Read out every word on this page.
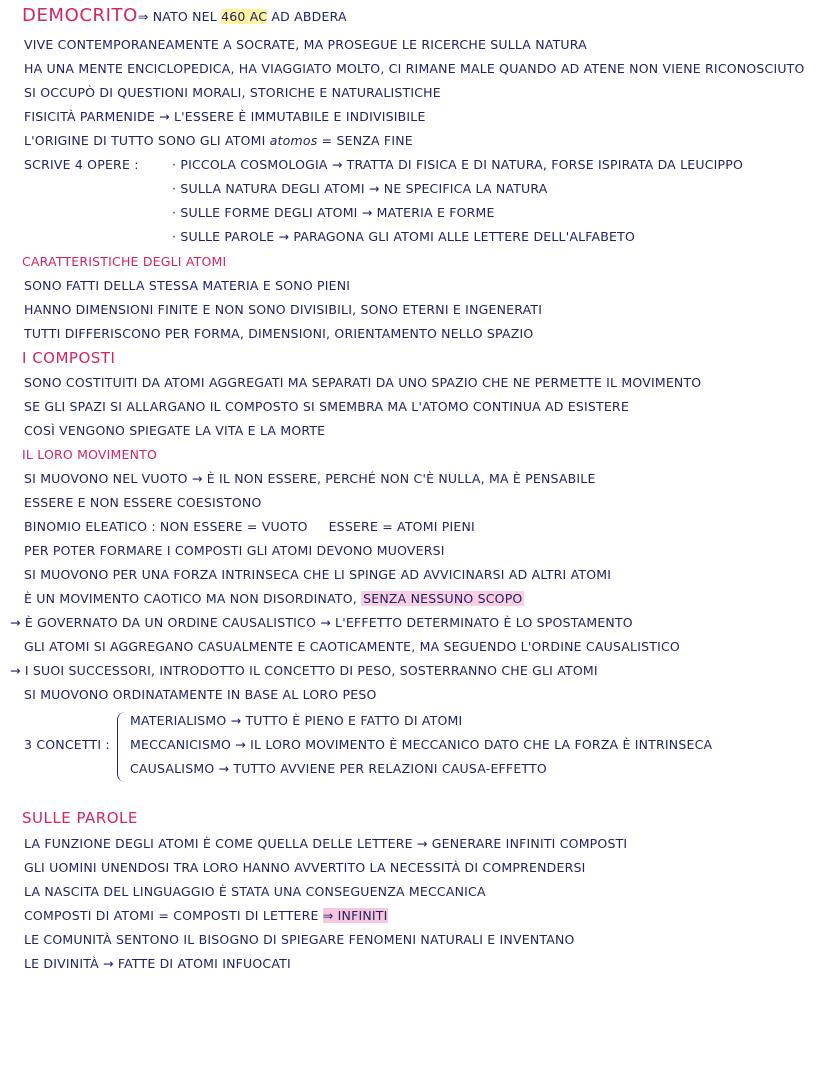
DEMOCRITO⇒ NATO NEL 460 AC AD ABDERA
VIVE CONTEMPORANEAMENTE A SOCRATE, MA PROSEGUE LE RICERCHE SULLA NATURA
HA UNA MENTE ENCICLOPEDICA, HA VIAGGIATO MOLTO, CI RIMANE MALE QUANDO AD ATENE NON VIENE RICONOSCIUTO
SI OCCUPÒ DI QUESTIONI MORALI, STORICHE E NATURALISTICHE
FISICITÀ PARMENIDE → L'ESSERE È IMMUTABILE E INDIVISIBILE
L'ORIGINE DI TUTTO SONO GLI ATOMI atomos = SENZA FINE
SCRIVE 4 OPERE :	· PICCOLA COSMOLOGIA → TRATTA DI FISICA E DI NATURA, FORSE ISPIRATA DA LEUCIPPO
· SULLA NATURA DEGLI ATOMI → NE SPECIFICA LA NATURA
· SULLE FORME DEGLI ATOMI → MATERIA E FORME
· SULLE PAROLE → PARAGONA GLI ATOMI ALLE LETTERE DELL'ALFABETO
CARATTERISTICHE DEGLI ATOMI
SONO FATTI DELLA STESSA MATERIA E SONO PIENI
HANNO DIMENSIONI FINITE E NON SONO DIVISIBILI, SONO ETERNI E INGENERATI
TUTTI DIFFERISCONO PER FORMA, DIMENSIONI, ORIENTAMENTO NELLO SPAZIO
I COMPOSTI
SONO COSTITUITI DA ATOMI AGGREGATI MA SEPARATI DA UNO SPAZIO CHE NE PERMETTE IL MOVIMENTO
SE GLI SPAZI SI ALLARGANO IL COMPOSTO SI SMEMBRA MA L'ATOMO CONTINUA AD ESISTERE
COSÌ VENGONO SPIEGATE LA VITA E LA MORTE
IL LORO MOVIMENTO
SI MUOVONO NEL VUOTO → È IL NON ESSERE, PERCHÉ NON C'È NULLA, MA È PENSABILE
ESSERE E NON ESSERE COESISTONO
BINOMIO ELEATICO : NON ESSERE = VUOTO     ESSERE = ATOMI PIENI
PER POTER FORMARE I COMPOSTI GLI ATOMI DEVONO MUOVERSI
SI MUOVONO PER UNA FORZA INTRINSECA CHE LI SPINGE AD AVVICINARSI AD ALTRI ATOMI
È UN MOVIMENTO CAOTICO MA NON DISORDINATO, SENZA NESSUNO SCOPO
→ È GOVERNATO DA UN ORDINE CAUSALISTICO → L'EFFETTO DETERMINATO È LO SPOSTAMENTO
GLI ATOMI SI AGGREGANO CASUALMENTE E CAOTICAMENTE, MA SEGUENDO L'ORDINE CAUSALISTICO
→ I SUOI SUCCESSORI, INTRODOTTO IL CONCETTO DI PESO, SOSTERRANNO CHE GLI ATOMI
SI MUOVONO ORDINATAMENTE IN BASE AL LORO PESO
3 CONCETTI :
MATERIALISMO → TUTTO È PIENO E FATTO DI ATOMI
MECCANICISMO → IL LORO MOVIMENTO È MECCANICO DATO CHE LA FORZA È INTRINSECA
CAUSALISMO → TUTTO AVVIENE PER RELAZIONI CAUSA-EFFETTO
SULLE PAROLE
LA FUNZIONE DEGLI ATOMI È COME QUELLA DELLE LETTERE → GENERARE INFINITI COMPOSTI
GLI UOMINI UNENDOSI TRA LORO HANNO AVVERTITO LA NECESSITÀ DI COMPRENDERSI
LA NASCITA DEL LINGUAGGIO È STATA UNA CONSEGUENZA MECCANICA
COMPOSTI DI ATOMI = COMPOSTI DI LETTERE ⇒ INFINITI
LE COMUNITÀ SENTONO IL BISOGNO DI SPIEGARE FENOMENI NATURALI E INVENTANO
LE DIVINITÀ → FATTE DI ATOMI INFUOCATI
